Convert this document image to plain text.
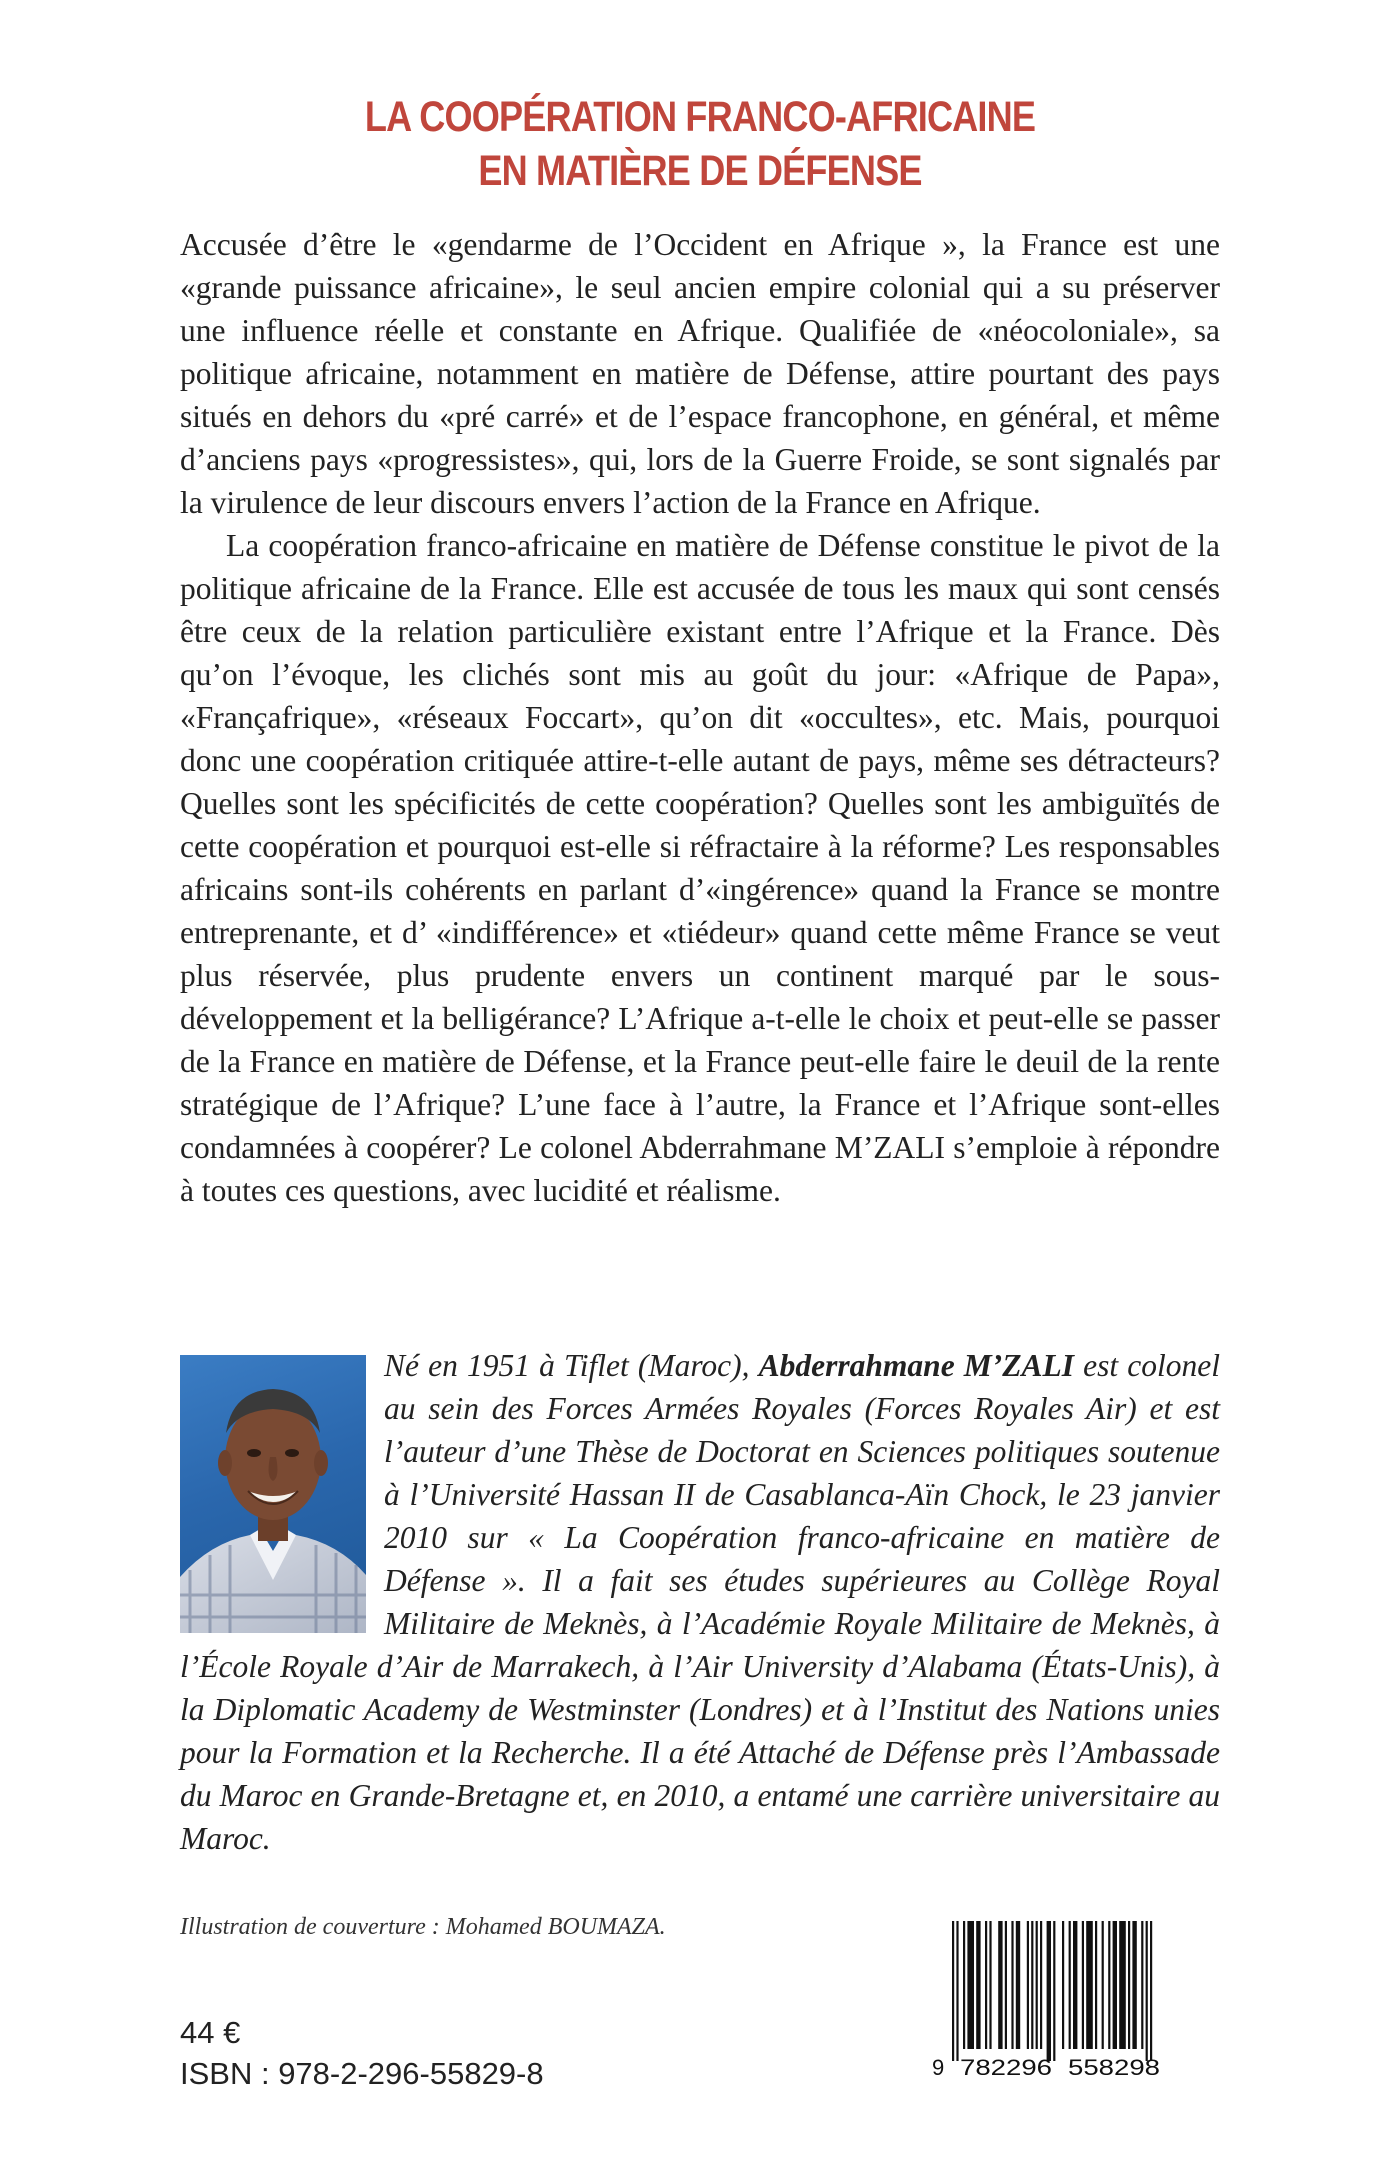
LA COOPÉRATION FRANCO-AFRICAINE
EN MATIÈRE DE DÉFENSE

Accusée d’être le «gendarme de l’Occident en Afrique », la France est une «grande puissance africaine», le seul ancien empire colonial qui a su préserver une influence réelle et constante en Afrique. Qualifiée de «néocoloniale», sa politique africaine, notamment en matière de Défense, attire pourtant des pays situés en dehors du «pré carré» et de l’espace francophone, en général, et même d’anciens pays «progressistes», qui, lors de la Guerre Froide, se sont signalés par la virulence de leur discours envers l’action de la France en Afrique.

La coopération franco-africaine en matière de Défense constitue le pivot de la politique africaine de la France. Elle est accusée de tous les maux qui sont censés être ceux de la relation particulière existant entre l’Afrique et la France. Dès qu’on l’évoque, les clichés sont mis au goût du jour: «Afrique de Papa», «Françafrique», «réseaux Foccart», qu’on dit «occultes», etc. Mais, pourquoi donc une coopération critiquée attire-t-elle autant de pays, même ses détracteurs? Quelles sont les spécificités de cette coopération? Quelles sont les ambiguïtés de cette coopération et pourquoi est-elle si réfractaire à la réforme? Les responsables africains sont-ils cohérents en parlant d’«ingérence» quand la France se montre entreprenante, et d’ «indifférence» et «tiédeur» quand cette même France se veut plus réservée, plus prudente envers un continent marqué par le sous-développement et la belligérance? L’Afrique a-t-elle le choix et peut-elle se passer de la France en matière de Défense, et la France peut-elle faire le deuil de la rente stratégique de l’Afrique? L’une face à l’autre, la France et l’Afrique sont-elles condamnées à coopérer? Le colonel Abderrahmane M’ZALI s’emploie à répondre à toutes ces questions, avec lucidité et réalisme.

Né en 1951 à Tiflet (Maroc), Abderrahmane M’ZALI est colonel au sein des Forces Armées Royales (Forces Royales Air) et est l’auteur d’une Thèse de Doctorat en Sciences politiques soutenue à l’Université Hassan II de Casablanca-Aïn Chock, le 23 janvier 2010 sur « La Coopération franco-africaine en matière de Défense ». Il a fait ses études supérieures au Collège Royal Militaire de Meknès, à l’Académie Royale Militaire de Meknès, à l’École Royale d’Air de Marrakech, à l’Air University d’Alabama (États-Unis), à la Diplomatic Academy de Westminster (Londres) et à l’Institut des Nations unies pour la Formation et la Recherche. Il a été Attaché de Défense près l’Ambassade du Maroc en Grande-Bretagne et, en 2010, a entamé une carrière universitaire au Maroc.

Illustration de couverture : Mohamed BOUMAZA.
44 €
ISBN : 978-2-296-55829-8	9 782296 558298
